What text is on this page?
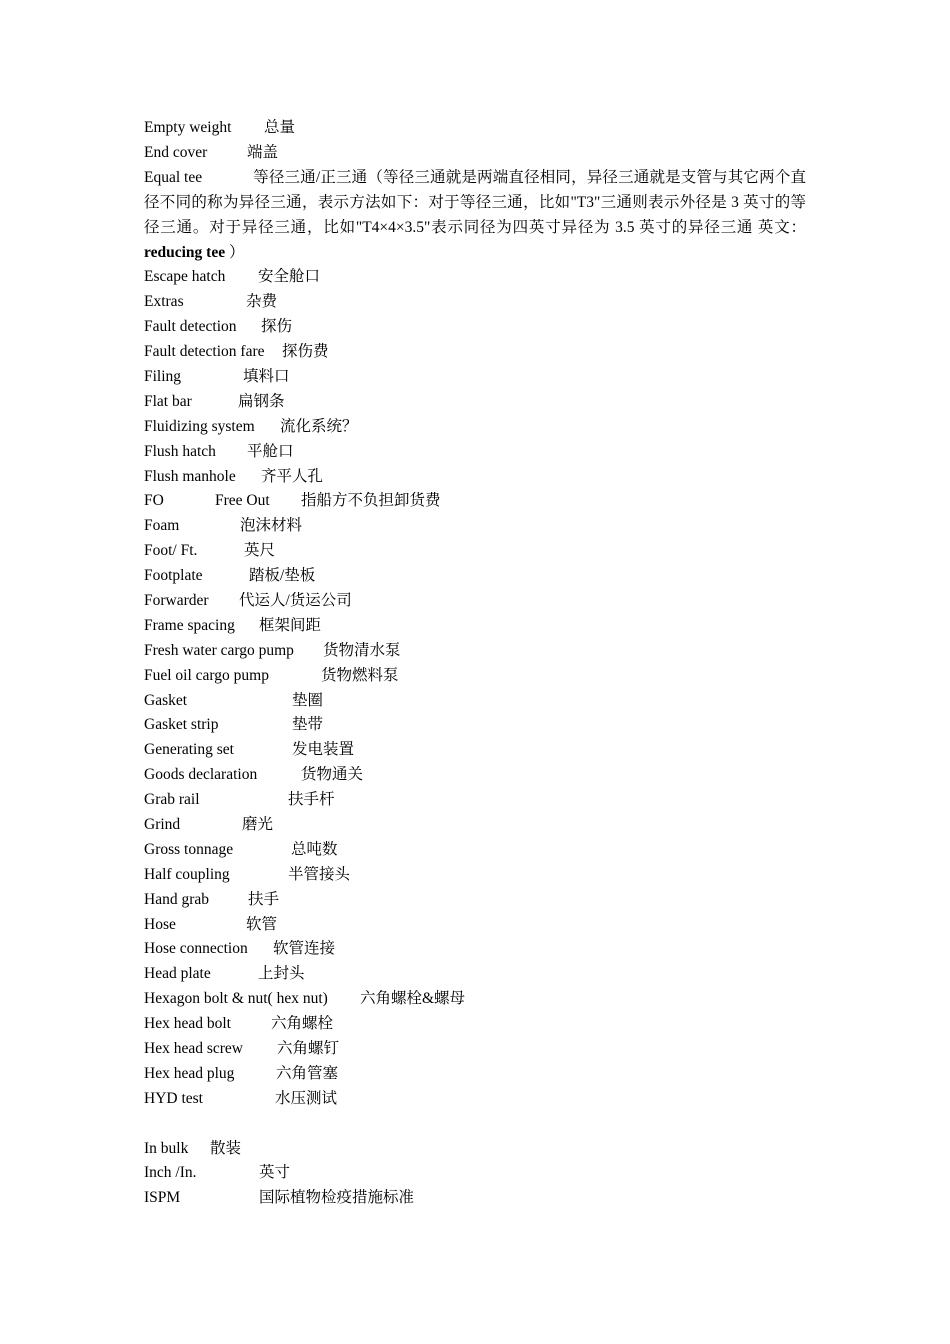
Empty weight 总量
End cover	端盖
Equal tee	等径三通/正三通（等径三通就是两端直径相同，异径三通就是支管与其它两个直径不同的称为异径三通，表示方法如下：对于等径三通，比如"T3"三通则表示外径是 3 英寸的等径三通。对于异径三通，比如"T4×4×3.5"表示同径为四英寸异径为 3.5 英寸的异径三通 英文：reducing tee ）
Escape hatch 安全舱口
Extras	杂费
Fault detection 探伤
Fault detection fare 探伤费
Filing	填料口
Flat bar	扁钢条
Fluidizing system 流化系统？
Flush hatch 平舱口
Flush manhole 齐平人孔
FO	Free Out 指船方不负担卸货费
Foam	泡沫材料
Foot/ Ft.	英尺
Footplate	踏板/垫板
Forwarder 代运人/货运公司
Frame spacing 框架间距
Fresh water cargo pump 货物清水泵
Fuel oil cargo pump	货物燃料泵
Gasket	垫圈
Gasket strip	垫带
Generating set	发电装置
Goods declaration	货物通关
Grab rail	扶手杆
Grind	磨光
Gross tonnage	总吨数
Half coupling	半管接头
Hand grab	扶手
Hose	软管
Hose connection 软管连接
Head plate	上封头
Hexagon bolt & nut( hex nut) 六角螺栓&螺母
Hex head bolt	六角螺栓
Hex head screw 六角螺钉
Hex head plug	六角管塞
HYD test	水压测试
In bulk 散装
Inch /In.	英寸
ISPM	国际植物检疫措施标准
